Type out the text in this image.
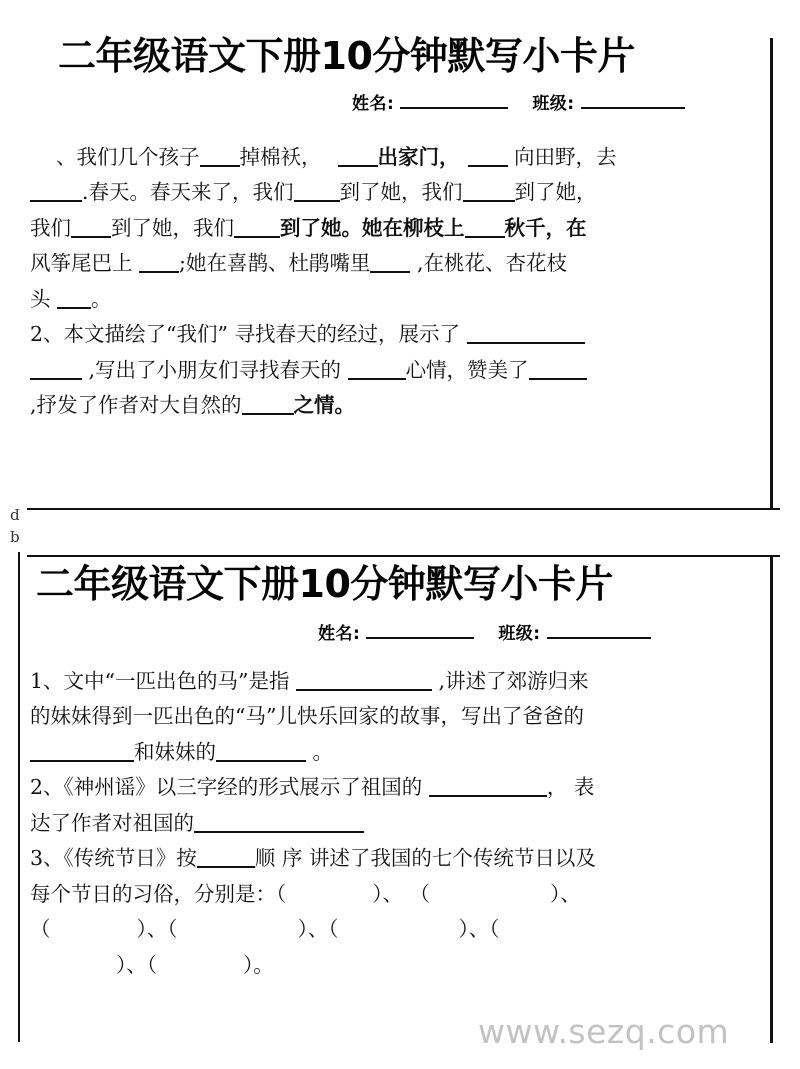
p
q
二年级语文下册10分钟默写小卡片
姓名:	班级:
、我们几个孩子 掉棉袄，	出家门， 向田野，去
.春天。春天来了，我们 到了她，我们	到了她，
我们 到了她，我们 到了她。她在柳枝上 秋千，在
风筝尾巴上 ;她在喜鹊、杜鹃嘴里 ,在桃花、杏花枝
头 。
2、本文描绘了“我们” 寻找春天的经过，展示了
,写出了小朋友们寻找春天的	心情，赞美了
,抒发了作者对大自然的	之情。
二年级语文下册10分钟默写小卡片
姓名:	班级:
1、文中“一匹出色的马”是指	,讲述了郊游归来
的妹妹得到一匹出色的“马”儿快乐回家的故事，写出了爸爸的
和妹妹的	。
2、《神州谣》以三字经的形式展示了祖国的	， 表
达了作者对祖国的
3、《传统节日》按	顺 序 讲述了我国的七个传统节日以及
每个节日的习俗，分别是：（	）、 （	）、
（	）、（	）、（	）、（
）、（	）。
www.sezq.com
